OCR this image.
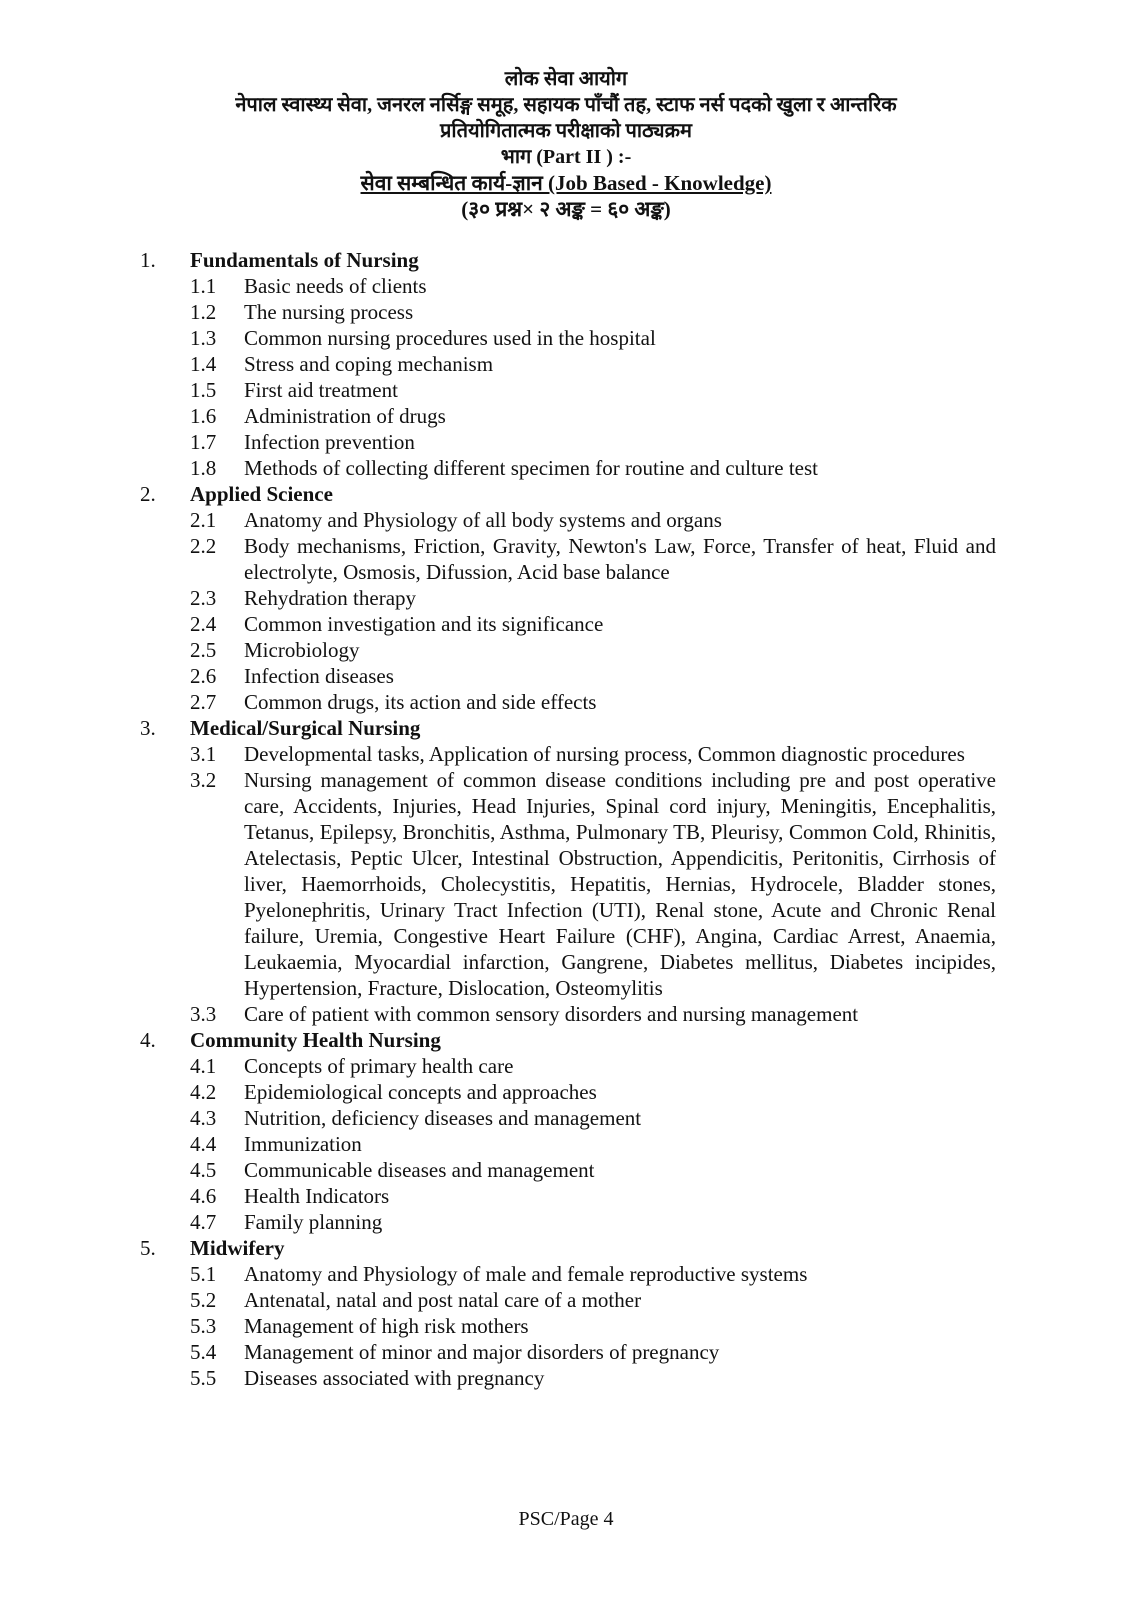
लोक सेवा आयोग

नेपाल स्वास्थ्य सेवा, जनरल नर्सिङ्ग समूह, सहायक पाँचौं तह, स्टाफ नर्स पदको खुला र आन्तरिक

प्रतियोगितात्मक परीक्षाको पाठ्यक्रम

भाग (Part II ) :-

सेवा सम्बन्धित कार्य-ज्ञान (Job Based - Knowledge)

(३० प्रश्न× २ अङ्क = ६० अङ्क)

1. Fundamentals of Nursing
1.1 Basic needs of clients
1.2 The nursing process
1.3 Common nursing procedures used in the hospital
1.4 Stress and coping mechanism
1.5 First aid treatment
1.6 Administration of drugs
1.7 Infection prevention
1.8 Methods of collecting different specimen for routine and culture test
2. Applied Science
2.1 Anatomy and Physiology of all body systems and organs
2.2 Body mechanisms, Friction, Gravity, Newton's Law, Force, Transfer of heat, Fluid and electrolyte, Osmosis, Difussion, Acid base balance
2.3 Rehydration therapy
2.4 Common investigation and its significance
2.5 Microbiology
2.6 Infection diseases
2.7 Common drugs, its action and side effects
3. Medical/Surgical Nursing
3.1 Developmental tasks, Application of nursing process, Common diagnostic procedures
3.2 Nursing management of common disease conditions including pre and post operative care, Accidents, Injuries, Head Injuries, Spinal cord injury, Meningitis, Encephalitis, Tetanus, Epilepsy, Bronchitis, Asthma, Pulmonary TB, Pleurisy, Common Cold, Rhinitis, Atelectasis, Peptic Ulcer, Intestinal Obstruction, Appendicitis, Peritonitis, Cirrhosis of liver, Haemorrhoids, Cholecystitis, Hepatitis, Hernias, Hydrocele, Bladder stones, Pyelonephritis, Urinary Tract Infection (UTI), Renal stone, Acute and Chronic Renal failure, Uremia, Congestive Heart Failure (CHF), Angina, Cardiac Arrest, Anaemia, Leukaemia, Myocardial infarction, Gangrene, Diabetes mellitus, Diabetes incipides, Hypertension, Fracture, Dislocation, Osteomylitis
3.3 Care of patient with common sensory disorders and nursing management
4. Community Health Nursing
4.1 Concepts of primary health care
4.2 Epidemiological concepts and approaches
4.3 Nutrition, deficiency diseases and management
4.4 Immunization
4.5 Communicable diseases and management
4.6 Health Indicators
4.7 Family planning
5. Midwifery
5.1 Anatomy and Physiology of male and female reproductive systems
5.2 Antenatal, natal and post natal care of a mother
5.3 Management of high risk mothers
5.4 Management of minor and major disorders of pregnancy
5.5 Diseases associated with pregnancy
PSC/Page 4
